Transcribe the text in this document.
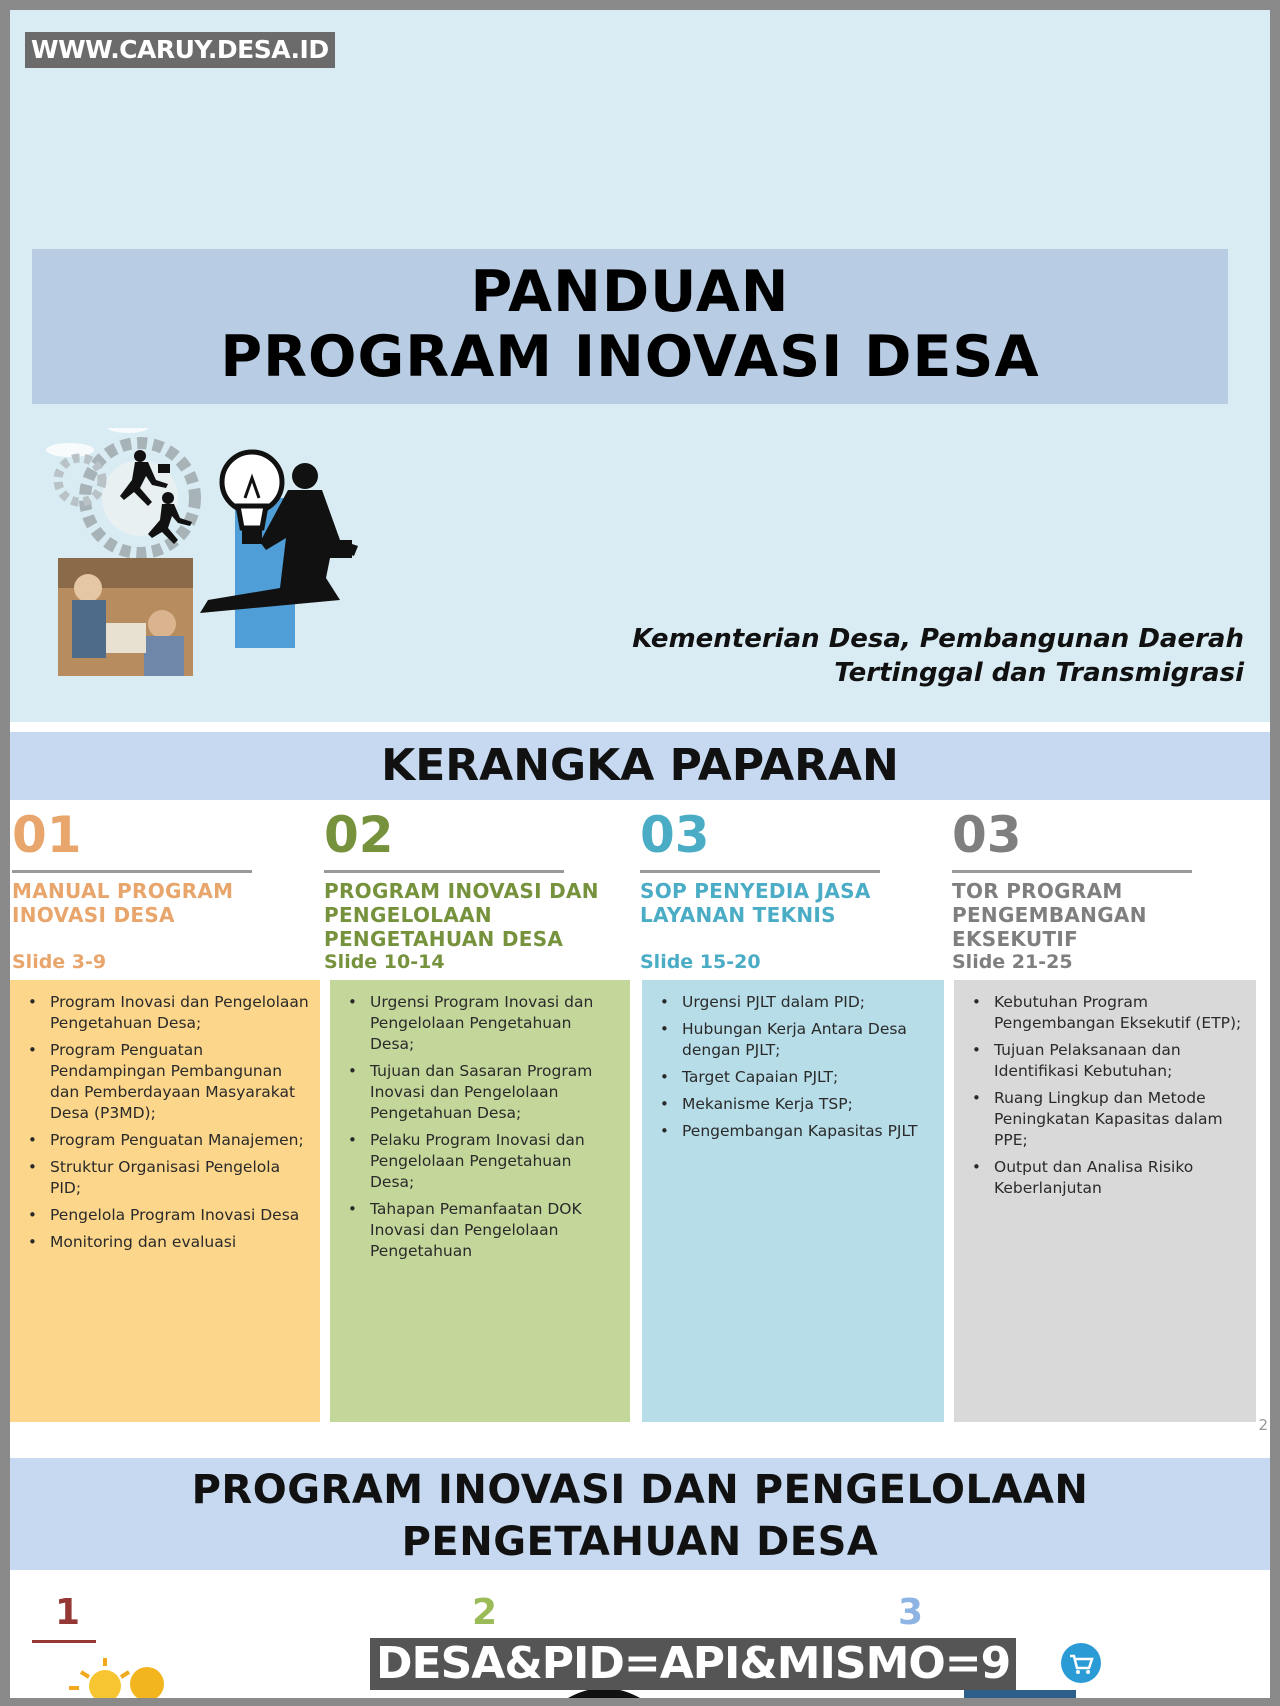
PANDUAN
PROGRAM INOVASI DESA
Kementerian Desa, Pembangunan Daerah
Tertinggal dan Transmigrasi
KERANGKA PAPARAN
01
MANUAL PROGRAM INOVASI DESA
Slide 3-9
• Program Inovasi dan Pengelolaan Pengetahuan Desa;
• Program Penguatan Pendampingan Pembangunan dan Pemberdayaan Masyarakat Desa (P3MD);
• Program Penguatan Manajemen;
• Struktur Organisasi Pengelola PID;
• Pengelola Program Inovasi Desa
• Monitoring dan evaluasi
02
PROGRAM INOVASI DAN PENGELOLAAN PENGETAHUAN DESA
Slide 10-14
• Urgensi Program Inovasi dan Pengelolaan Pengetahuan Desa;
• Tujuan dan Sasaran Program Inovasi dan Pengelolaan Pengetahuan Desa;
• Pelaku Program Inovasi dan Pengelolaan Pengetahuan Desa;
• Tahapan Pemanfaatan DOK Inovasi dan Pengelolaan Pengetahuan
03
SOP PENYEDIA JASA LAYANAN TEKNIS
Slide 15-20
• Urgensi PJLT dalam PID;
• Hubungan Kerja Antara Desa dengan PJLT;
• Target Capaian PJLT;
• Mekanisme Kerja TSP;
• Pengembangan Kapasitas PJLT
03
TOR PROGRAM PENGEMBANGAN EKSEKUTIF
Slide 21-25
• Kebutuhan Program Pengembangan Eksekutif (ETP);
• Tujuan Pelaksanaan dan Identifikasi Kebutuhan;
• Ruang Lingkup dan Metode Peningkatan Kapasitas dalam PPE;
• Output dan Analisa Risiko Keberlanjutan
2
PROGRAM INOVASI DAN PENGELOLAAN
PENGETAHUAN DESA
1	2	3
DESA&PID=API&MISMO=9
WWW.CARUY.DESA.ID
